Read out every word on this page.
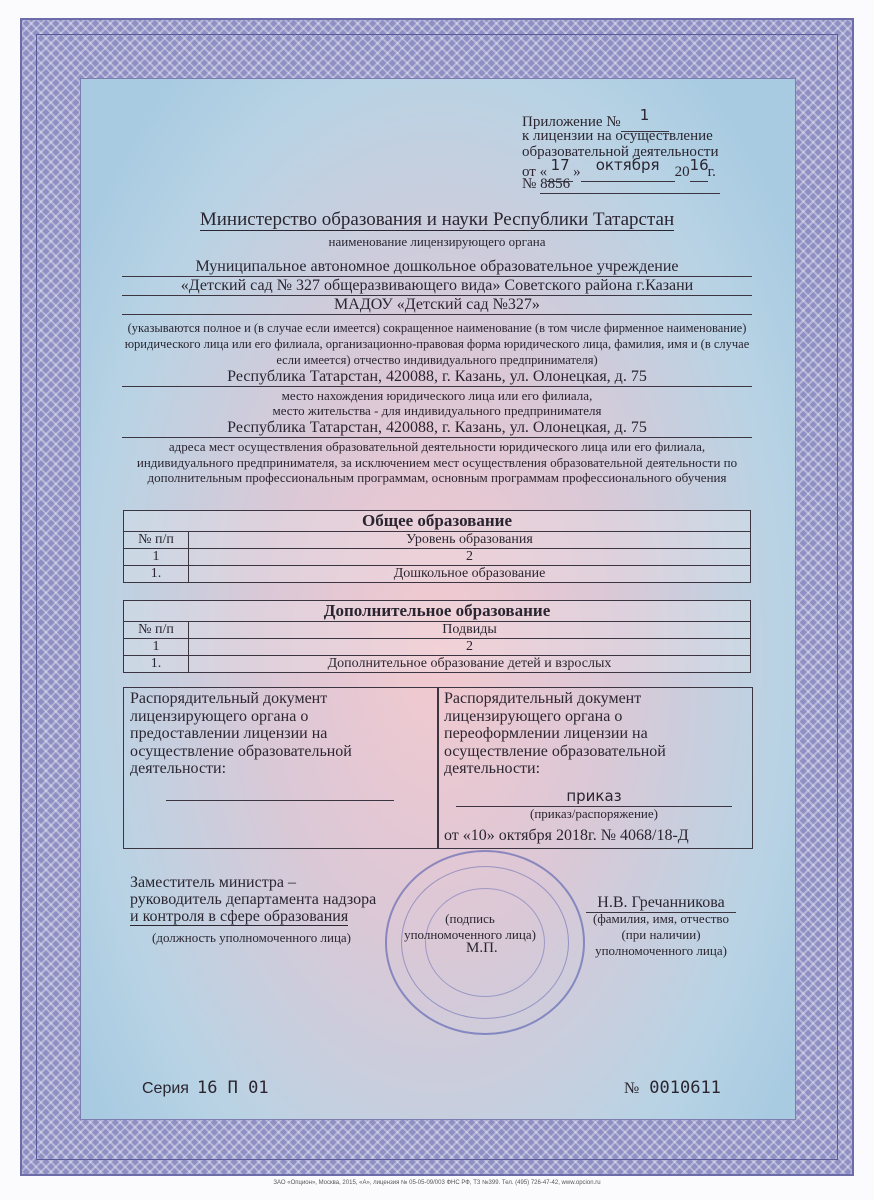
Приложение № 1
к лицензии на осуществление
образовательной деятельности
от « 17 » октября 2016г.
№ 8856
Министерство образования и науки Республики Татарстан
наименование лицензирующего органа
Муниципальное автономное дошкольное образовательное учреждение
«Детский сад № 327 общеразвивающего вида» Советского района г.Казани
МАДОУ «Детский сад №327»
(указываются полное и (в случае если имеется) сокращенное наименование (в том числе фирменное наименование) юридического лица или его филиала, организационно-правовая форма юридического лица, фамилия, имя и (в случае если имеется) отчество индивидуального предпринимателя)
Республика Татарстан, 420088, г. Казань, ул. Олонецкая, д. 75
место нахождения юридического лица или его филиала,
место жительства - для индивидуального предпринимателя
Республика Татарстан, 420088, г. Казань, ул. Олонецкая, д. 75
адреса мест осуществления образовательной деятельности юридического лица или его филиала, индивидуального предпринимателя, за исключением мест осуществления образовательной деятельности по дополнительным профессиональным программам, основным программам профессионального обучения
Общее образование	
№ п/п	Уровень образования
1	2
1.	Дошкольное образование
Дополнительное образование	
№ п/п	Подвиды
1	2
1.	Дополнительное образование детей и взрослых
Распорядительный документ лицензирующего органа о предоставлении лицензии на осуществление образовательной деятельности:
Распорядительный документ лицензирующего органа о переоформлении лицензии на осуществление образовательной деятельности:
приказ
(приказ/распоряжение)
от «10» октября 2018г. № 4068/18-Д
Заместитель министра –
руководитель департамента надзора
и контроля в сфере образования
(должность уполномоченного лица)
(подпись
уполномоченного лица)
М.П.
Н.В. Гречанникова
(фамилия, имя, отчество
(при наличии)
уполномоченного лица)
Серия 16 П 01	№ 0010611
ЗАО «Опцион», Москва, 2015, «А», лицензия № 05-05-09/003 ФНС РФ, ТЗ №399. Тел. (495) 726-47-42, www.opcion.ru
